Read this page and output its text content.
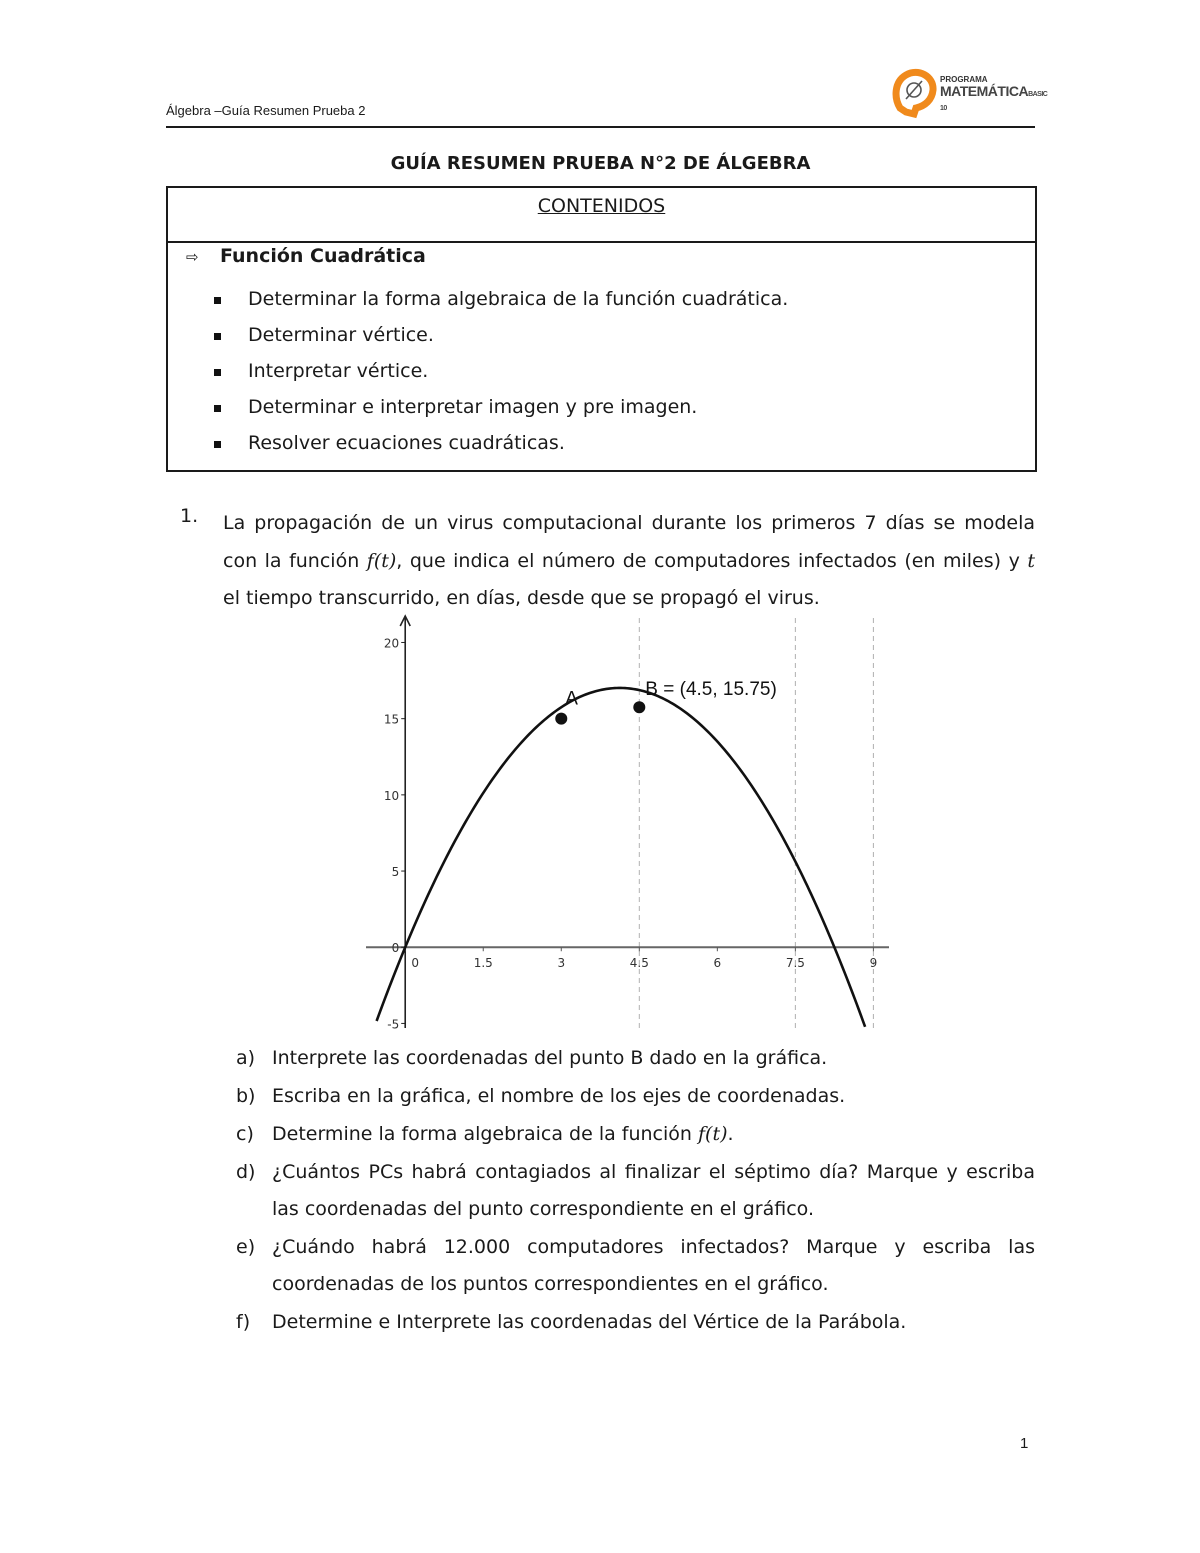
Álgebra –Guía Resumen Prueba 2
PROGRAMA
MATEMÁTICABASIC 10
GUÍA RESUMEN PRUEBA N°2 DE ÁLGEBRA
CONTENIDOS
⇨ Función Cuadrática
Determinar la forma algebraica de la función cuadrática.
Determinar vértice.
Interpretar vértice.
Determinar e interpretar imagen y pre imagen.
Resolver ecuaciones cuadráticas.
1. La propagación de un virus computacional durante los primeros 7 días se modela con la función f(t), que indica el número de computadores infectados (en miles) y t el tiempo transcurrido, en días, desde que se propagó el virus.
-5
0
5
10
15
20
0	1.5	3	4.5	6	7.5	9
A	B = (4.5, 15.75)
a) Interprete las coordenadas del punto B dado en la gráfica.
b) Escriba en la gráfica, el nombre de los ejes de coordenadas.
c) Determine la forma algebraica de la función f(t).
d) ¿Cuántos PCs habrá contagiados al finalizar el séptimo día? Marque y escriba las coordenadas del punto correspondiente en el gráfico.
e) ¿Cuándo habrá 12.000 computadores infectados? Marque y escriba las coordenadas de los puntos correspondientes en el gráfico.
f) Determine e Interprete las coordenadas del Vértice de la Parábola.
1
